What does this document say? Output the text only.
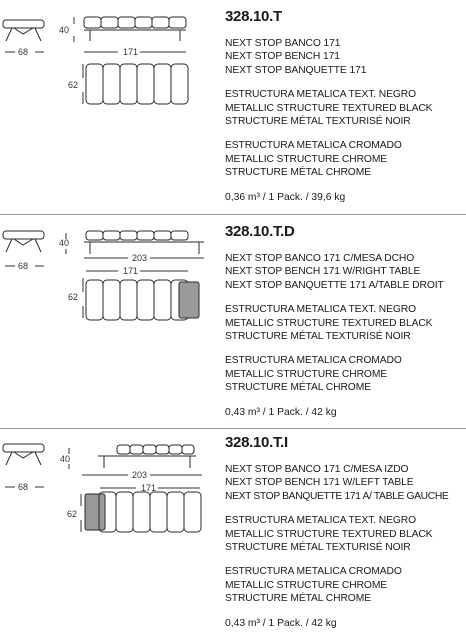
68
40
171
62
328.10.T
NEXT STOP BANCO 171
NEXT STOP BENCH 171
NEXT STOP BANQUETTE 171
ESTRUCTURA METALICA TEXT. NEGRO
METALLIC STRUCTURE TEXTURED BLACK
STRUCTURE MÉTAL TEXTURISÉ NOIR
ESTRUCTURA METALICA CROMADO
METALLIC STRUCTURE CHROME
STRUCTURE MÉTAL CHROME
0,36 m³ / 1 Pack. / 39,6 kg
68
40
203
171
62
328.10.T.D
NEXT STOP BANCO 171 C/MESA DCHO
NEXT STOP BENCH 171 W/RIGHT TABLE
NEXT STOP BANQUETTE 171 A/TABLE DROIT
ESTRUCTURA METALICA TEXT. NEGRO
METALLIC STRUCTURE TEXTURED BLACK
STRUCTURE MÉTAL TEXTURISÉ NOIR
ESTRUCTURA METALICA CROMADO
METALLIC STRUCTURE CHROME
STRUCTURE MÉTAL CHROME
0,43 m³ / 1 Pack. / 42 kg
68
40
203
171
62
328.10.T.I
NEXT STOP BANCO 171 C/MESA IZDO
NEXT STOP BENCH 171 W/LEFT TABLE
NEXT STOP BANQUETTE 171 A/ TABLE GAUCHE
ESTRUCTURA METALICA TEXT. NEGRO
METALLIC STRUCTURE TEXTURED BLACK
STRUCTURE MÉTAL TEXTURISÉ NOIR
ESTRUCTURA METALICA CROMADO
METALLIC STRUCTURE CHROME
STRUCTURE MÉTAL CHROME
0,43 m³ / 1 Pack. / 42 kg
